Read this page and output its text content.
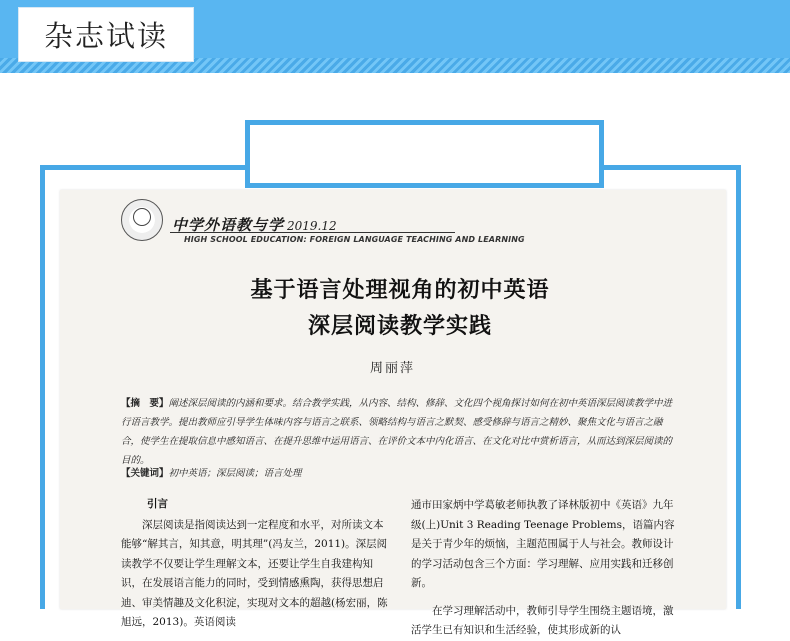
杂志试读
中学外语教与学 2019.12
HIGH SCHOOL EDUCATION: FOREIGN LANGUAGE TEACHING AND LEARNING
基于语言处理视角的初中英语
深层阅读教学实践
周丽萍
【摘　要】阐述深层阅读的内涵和要求。结合教学实践，从内容、结构、修辞、文化四个视角探讨如何在初中英语深层阅读教学中进行语言教学。提出教师应引导学生体味内容与语言之联系、领略结构与语言之默契、感受修辞与语言之精妙、聚焦文化与语言之融合，使学生在提取信息中感知语言、在提升思维中运用语言、在评价文本中内化语言、在文化对比中赏析语言，从而达到深层阅读的目的。
【关键词】初中英语；深层阅读；语言处理
引言

深层阅读是指阅读达到一定程度和水平，对所读文本能够“解其言，知其意，明其理”(冯友兰，2011)。深层阅读教学不仅要让学生理解文本，还要让学生自我建构知识，在发展语言能力的同时，受到情感熏陶，获得思想启迪、审美情趣及文化积淀，实现对文本的超越(杨宏丽，陈旭远，2013)。英语阅读

通市田家炳中学葛敏老师执教了译林版初中《英语》九年级(上)Unit 3 Reading Teenage Problems，语篇内容是关于青少年的烦恼，主题范围属于人与社会。教师设计的学习活动包含三个方面：学习理解、应用实践和迁移创新。

在学习理解活动中，教师引导学生围绕主题语境，激活学生已有知识和生活经验，使其形成新的认
